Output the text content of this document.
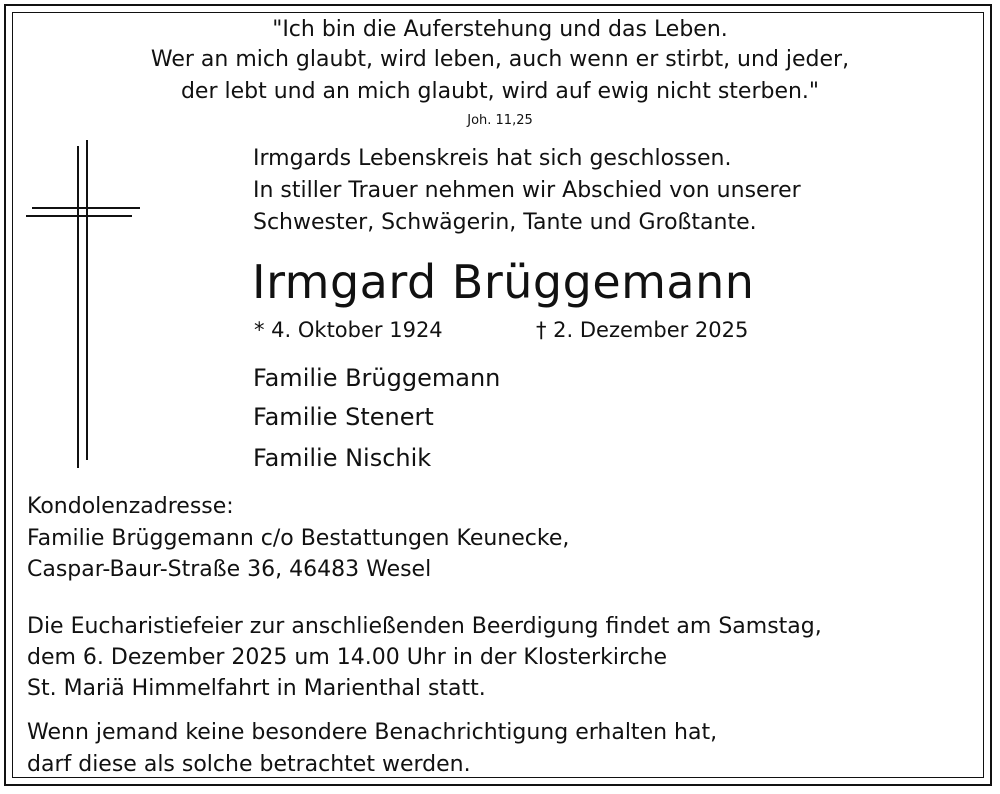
"Ich bin die Auferstehung und das Leben.
Wer an mich glaubt, wird leben, auch wenn er stirbt, und jeder,
der lebt und an mich glaubt, wird auf ewig nicht sterben."
Joh. 11,25
Irmgards Lebenskreis hat sich geschlossen.
In stiller Trauer nehmen wir Abschied von unserer
Schwester, Schwägerin, Tante und Großtante.
Irmgard Brüggemann
* 4. Oktober 1924	† 2. Dezember 2025
Familie Brüggemann
Familie Stenert
Familie Nischik
Kondolenzadresse:
Familie Brüggemann c/o Bestattungen Keunecke,
Caspar-Baur-Straße 36, 46483 Wesel
Die Eucharistiefeier zur anschließenden Beerdigung findet am Samstag,
dem 6. Dezember 2025 um 14.00 Uhr in der Klosterkirche
St. Mariä Himmelfahrt in Marienthal statt.
Wenn jemand keine besondere Benachrichtigung erhalten hat,
darf diese als solche betrachtet werden.
